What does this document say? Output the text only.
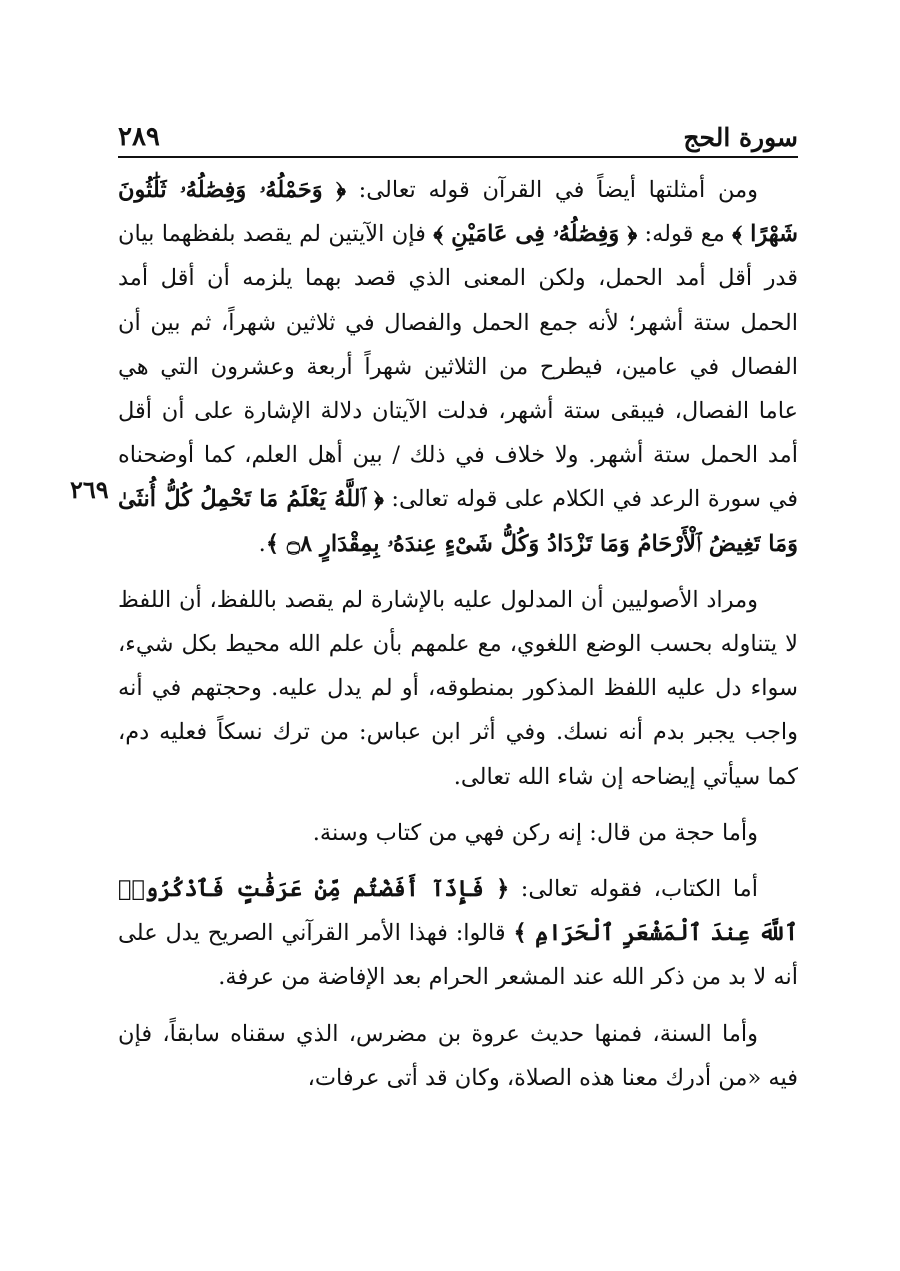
سورة الحج
٢٨٩
٢٦٩

ومن أمثلتها أيضاً في القرآن قوله تعالى: ﴿ وَحَمْلُهُۥ وَفِصَٰلُهُۥ ثَلَٰثُونَ شَهْرًا ﴾ مع قوله: ﴿ وَفِصَٰلُهُۥ فِى عَامَيْنِ ﴾ فإن الآيتين لم يقصد بلفظهما بيان قدر أقل أمد الحمل، ولكن المعنى الذي قصد بهما يلزمه أن أقل أمد الحمل ستة أشهر؛ لأنه جمع الحمل والفصال في ثلاثين شهراً، ثم بين أن الفصال في عامين، فيطرح من الثلاثين شهراً أربعة وعشرون التي هي عاما الفصال، فيبقى ستة أشهر، فدلت الآيتان دلالة الإشارة على أن أقل أمد الحمل ستة أشهر. ولا خلاف في ذلك / بين أهل العلم، كما أوضحناه في سورة الرعد في الكلام على قوله تعالى: ﴿ ٱللَّهُ يَعْلَمُ مَا تَحْمِلُ كُلُّ أُنثَىٰ وَمَا تَغِيضُ ٱلْأَرْحَامُ وَمَا تَزْدَادُ وَكُلُّ شَىْءٍ عِندَهُۥ بِمِقْدَارٍ ۝٨ ﴾.

ومراد الأصوليين أن المدلول عليه بالإشارة لم يقصد باللفظ، أن اللفظ لا يتناوله بحسب الوضع اللغوي، مع علمهم بأن علم الله محيط بكل شيء، سواء دل عليه اللفظ المذكور بمنطوقه، أو لم يدل عليه. وحجتهم في أنه واجب يجبر بدم أنه نسك. وفي أثر ابن عباس: من ترك نسكاً فعليه دم، كما سيأتي إيضاحه إن شاء الله تعالى.

وأما حجة من قال: إنه ركن فهي من كتاب وسنة.

أما الكتاب، فقوله تعالى: ﴿ فَإِذَآ أَفَضْتُم مِّنْ عَرَفَٰتٍ فَٱذْكُرُوا۟ ٱللَّهَ عِندَ ٱلْمَشْعَرِ ٱلْحَرَامِ ﴾ قالوا: فهذا الأمر القرآني الصريح يدل على أنه لا بد من ذكر الله عند المشعر الحرام بعد الإفاضة من عرفة.

وأما السنة، فمنها حديث عروة بن مضرس، الذي سقناه سابقاً، فإن فيه «من أدرك معنا هذه الصلاة، وكان قد أتى عرفات،
